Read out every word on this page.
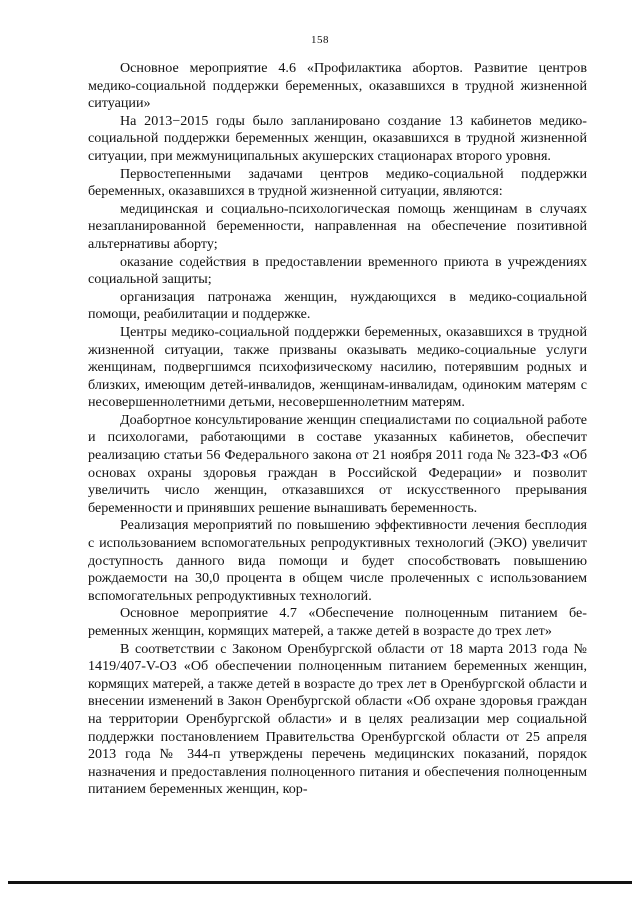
158

Основное мероприятие 4.6 «Профилактика абортов. Развитие центров медико-социальной поддержки беременных, оказавшихся в трудной жизненной ситуации»

На 2013−2015 годы было запланировано создание 13 кабинетов медико-социальной поддержки беременных женщин, оказавшихся в трудной жизненной ситуации, при межмуниципальных акушерских стационарах второго уровня.

Первостепенными задачами центров медико-социальной поддержки беременных, оказавшихся в трудной жизненной ситуации, являются:

медицинская и социально-психологическая помощь женщинам в случаях незапланированной беременности, направленная на обеспечение позитивной альтернативы аборту;

оказание содействия в предоставлении временного приюта в учреждениях социальной защиты;

организация патронажа женщин, нуждающихся в медико-социальной помощи, реабилитации и поддержке.

Центры медико-социальной поддержки беременных, оказавшихся в трудной жизненной ситуации, также призваны оказывать медико-социальные услуги женщинам, подвергшимся психофизическому насилию, потерявшим родных и близких, имеющим детей-инвалидов, женщинам-инвалидам, одиноким матерям с несовершеннолетними детьми, несовершеннолетним матерям.

Доабортное консультирование женщин специалистами по социальной работе и психологами, работающими в составе указанных кабинетов, обеспечит реализацию статьи 56 Федерального закона от 21 ноября 2011 года № 323-ФЗ «Об основах охраны здоровья граждан в Российской Федерации» и позволит увеличить число женщин, отказавшихся от искусственного прерывания беременности и принявших решение вынашивать беременность.

Реализация мероприятий по повышению эффективности лечения бесплодия с использованием вспомогательных репродуктивных технологий (ЭКО) увеличит доступность данного вида помощи и будет способствовать повышению рождаемости на 30,0 процента в общем числе пролеченных с использованием вспомогательных репродуктивных технологий.

Основное мероприятие 4.7 «Обеспечение полноценным питанием беременных женщин, кормящих матерей, а также детей в возрасте до трех лет»

В соответствии с Законом Оренбургской области от 18 марта 2013 года № 1419/407-V-ОЗ «Об обеспечении полноценным питанием беременных женщин, кормящих матерей, а также детей в возрасте до трех лет в Оренбургской области и внесении изменений в Закон Оренбургской области «Об охране здоровья граждан на территории Оренбургской области» и в целях реализации мер социальной поддержки постановлением Правительства Оренбургской области от 25 апреля 2013 года № 344-п утверждены перечень медицинских показаний, порядок назначения и предоставления полноценного питания и обеспечения полноценным питанием беременных женщин, кор-
